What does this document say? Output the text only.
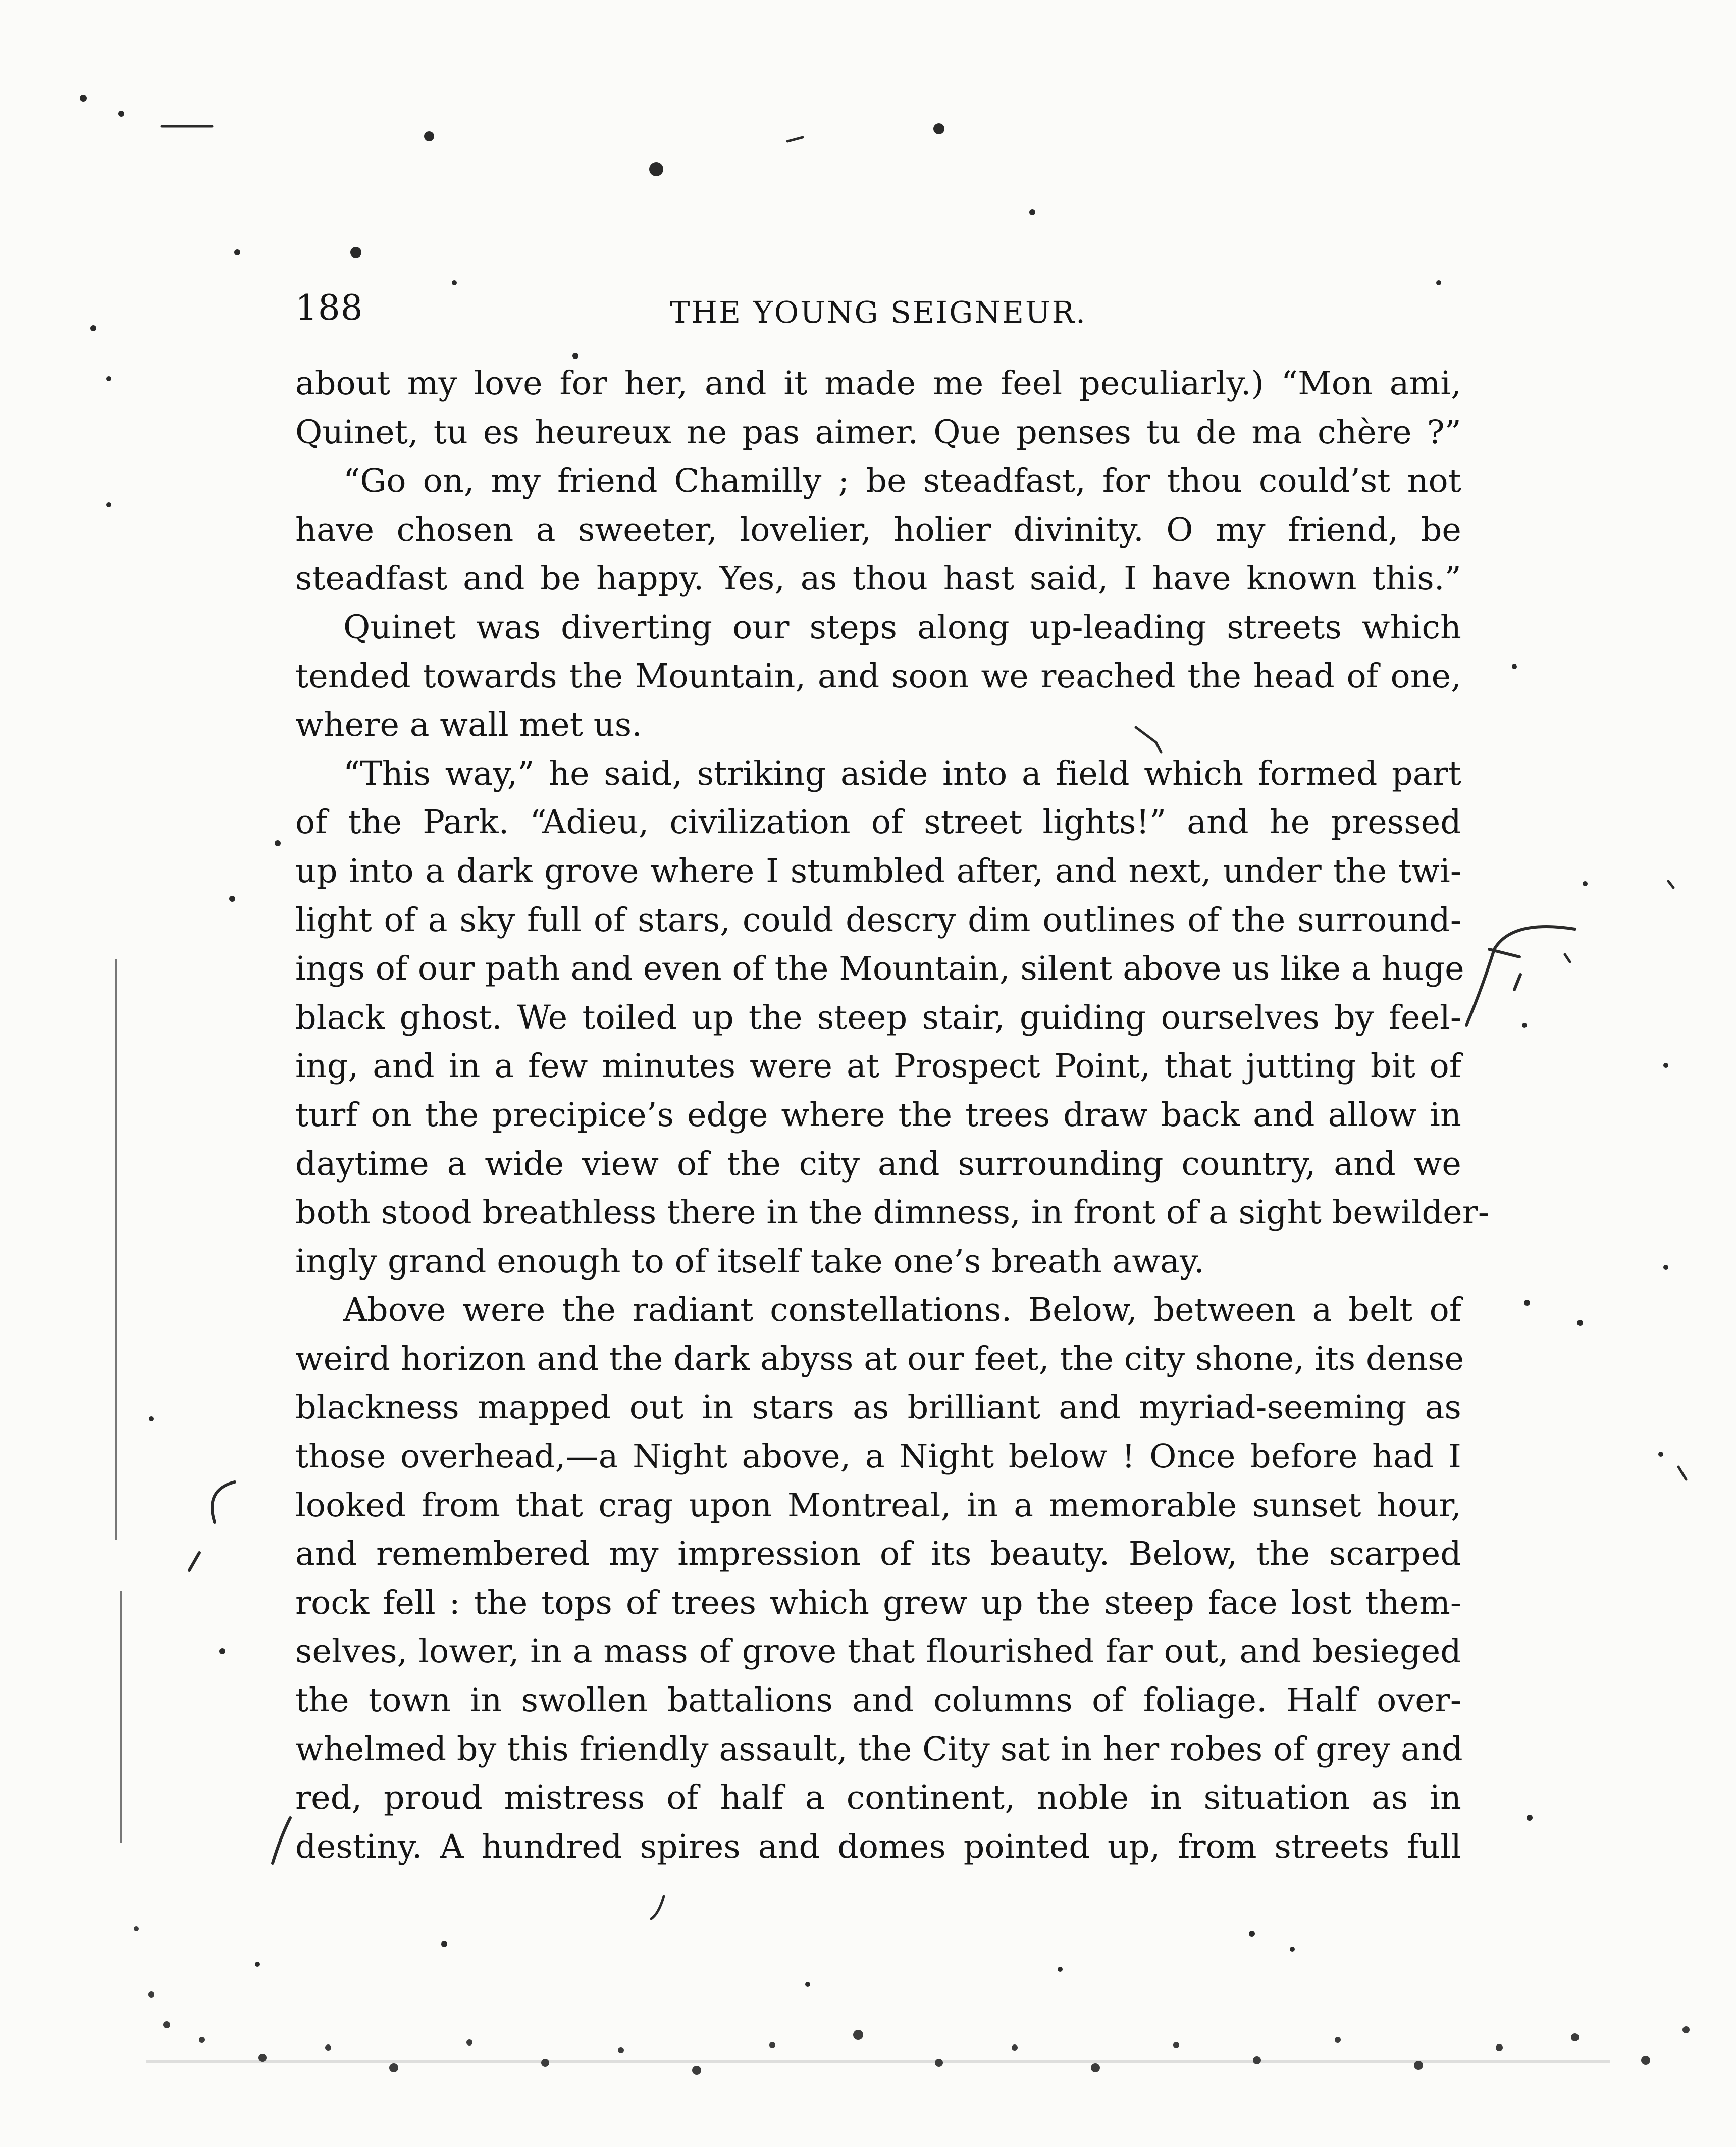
188	THE YOUNG SEIGNEUR.
about my love for her, and it made me feel peculiarly.) “Mon ami,
Quinet, tu es heureux ne pas aimer. Que penses tu de ma chère ?”
“Go on, my friend Chamilly ; be steadfast, for thou could’st not
have chosen a sweeter, lovelier, holier divinity. O my friend, be
steadfast and be happy. Yes, as thou hast said, I have known this.”
Quinet was diverting our steps along up-leading streets which
tended towards the Mountain, and soon we reached the head of one,
where a wall met us.
“This way,” he said, striking aside into a field which formed part
of the Park. “Adieu, civilization of street lights!” and he pressed
up into a dark grove where I stumbled after, and next, under the twi-
light of a sky full of stars, could descry dim outlines of the surround-
ings of our path and even of the Mountain, silent above us like a huge
black ghost. We toiled up the steep stair, guiding ourselves by feel-
ing, and in a few minutes were at Prospect Point, that jutting bit of
turf on the precipice’s edge where the trees draw back and allow in
daytime a wide view of the city and surrounding country, and we
both stood breathless there in the dimness, in front of a sight bewilder-
ingly grand enough to of itself take one’s breath away.
Above were the radiant constellations. Below, between a belt of
weird horizon and the dark abyss at our feet, the city shone, its dense
blackness mapped out in stars as brilliant and myriad-seeming as
those overhead,—a Night above, a Night below ! Once before had I
looked from that crag upon Montreal, in a memorable sunset hour,
and remembered my impression of its beauty. Below, the scarped
rock fell : the tops of trees which grew up the steep face lost them-
selves, lower, in a mass of grove that flourished far out, and besieged
the town in swollen battalions and columns of foliage. Half over-
whelmed by this friendly assault, the City sat in her robes of grey and
red, proud mistress of half a continent, noble in situation as in
destiny. A hundred spires and domes pointed up, from streets full
